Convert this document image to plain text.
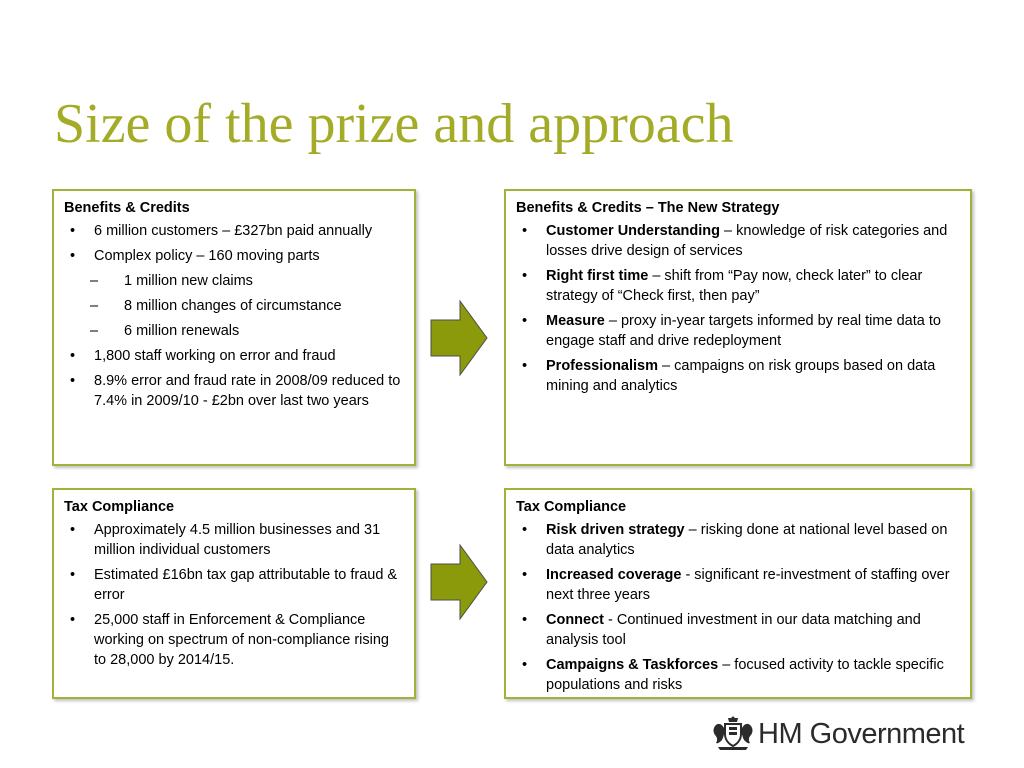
Size of the prize and approach
Benefits & Credits
• 6 million customers – £327bn paid annually
• Complex policy – 160 moving parts
– 1 million new claims
– 8 million changes of circumstance
– 6 million renewals
• 1,800 staff working on error and fraud
• 8.9% error and fraud rate in 2008/09 reduced to 7.4% in 2009/10 - £2bn over last two years
Benefits & Credits – The New Strategy
• Customer Understanding – knowledge of risk categories and losses drive design of services
• Right first time – shift from “Pay now, check later” to clear strategy of “Check first, then pay”
• Measure – proxy in-year targets informed by real time data to engage staff and drive redeployment
• Professionalism – campaigns on risk groups based on data mining and analytics
Tax Compliance
• Approximately 4.5 million businesses and 31 million individual customers
• Estimated £16bn tax gap attributable to fraud & error
• 25,000 staff in Enforcement & Compliance working on spectrum of non-compliance rising to 28,000 by 2014/15.
Tax Compliance
• Risk driven strategy – risking done at national level based on data analytics
• Increased coverage - significant re-investment of staffing over next three years
• Connect - Continued investment in our data matching and analysis tool
• Campaigns & Taskforces – focused activity to tackle specific populations and risks
HM Government
